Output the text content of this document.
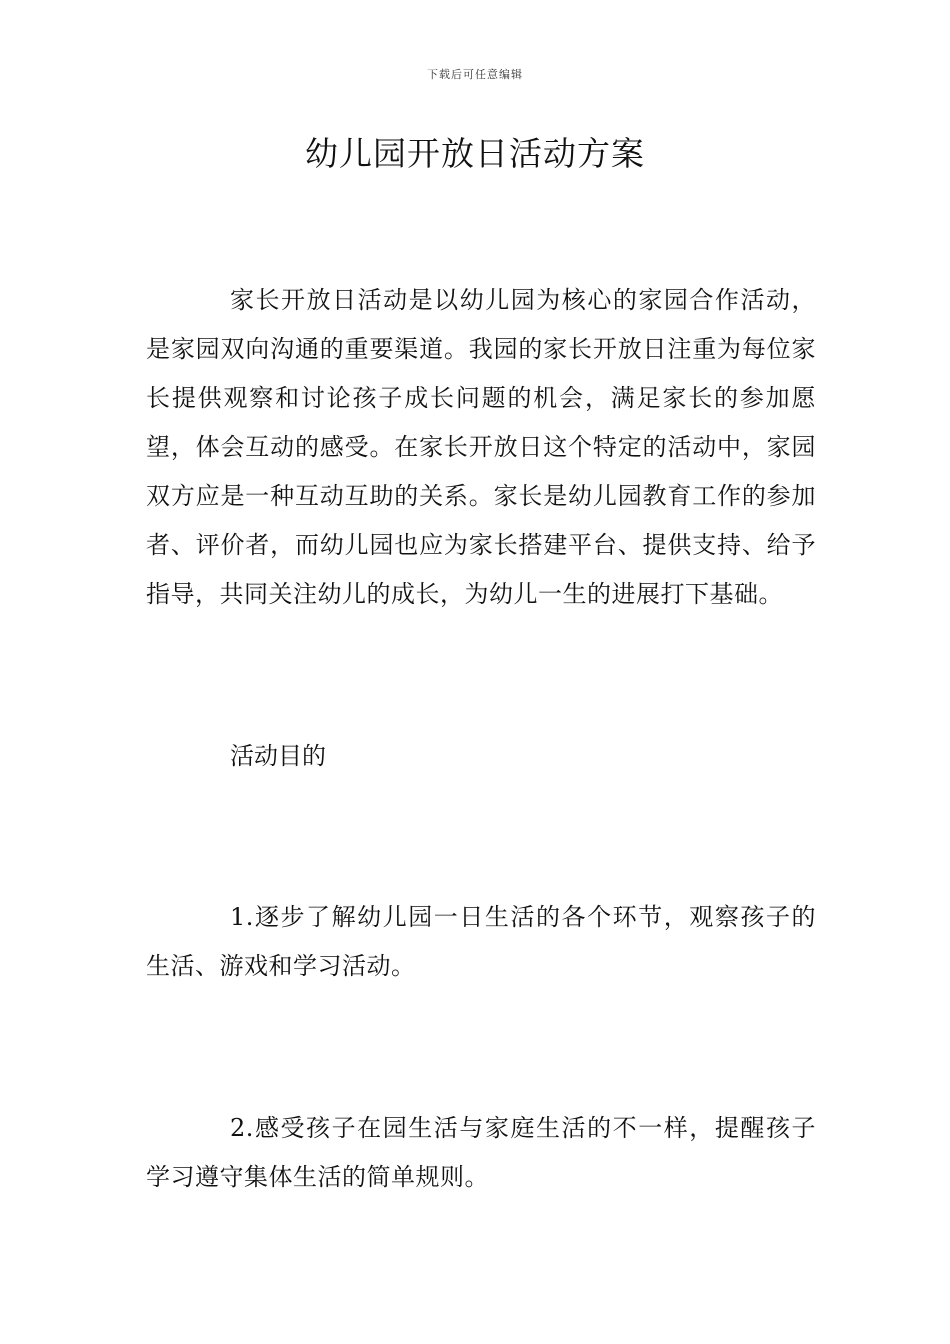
下载后可任意编辑
幼儿园开放日活动方案

家长开放日活动是以幼儿园为核心的家园合作活动，是家园双向沟通的重要渠道。我园的家长开放日注重为每位家长提供观察和讨论孩子成长问题的机会，满足家长的参加愿望，体会互动的感受。在家长开放日这个特定的活动中，家园双方应是一种互动互助的关系。家长是幼儿园教育工作的参加者、评价者，而幼儿园也应为家长搭建平台、提供支持、给予指导，共同关注幼儿的成长，为幼儿一生的进展打下基础。

活动目的

1.逐步了解幼儿园一日生活的各个环节，观察孩子的生活、游戏和学习活动。

2.感受孩子在园生活与家庭生活的不一样，提醒孩子学习遵守集体生活的简单规则。
